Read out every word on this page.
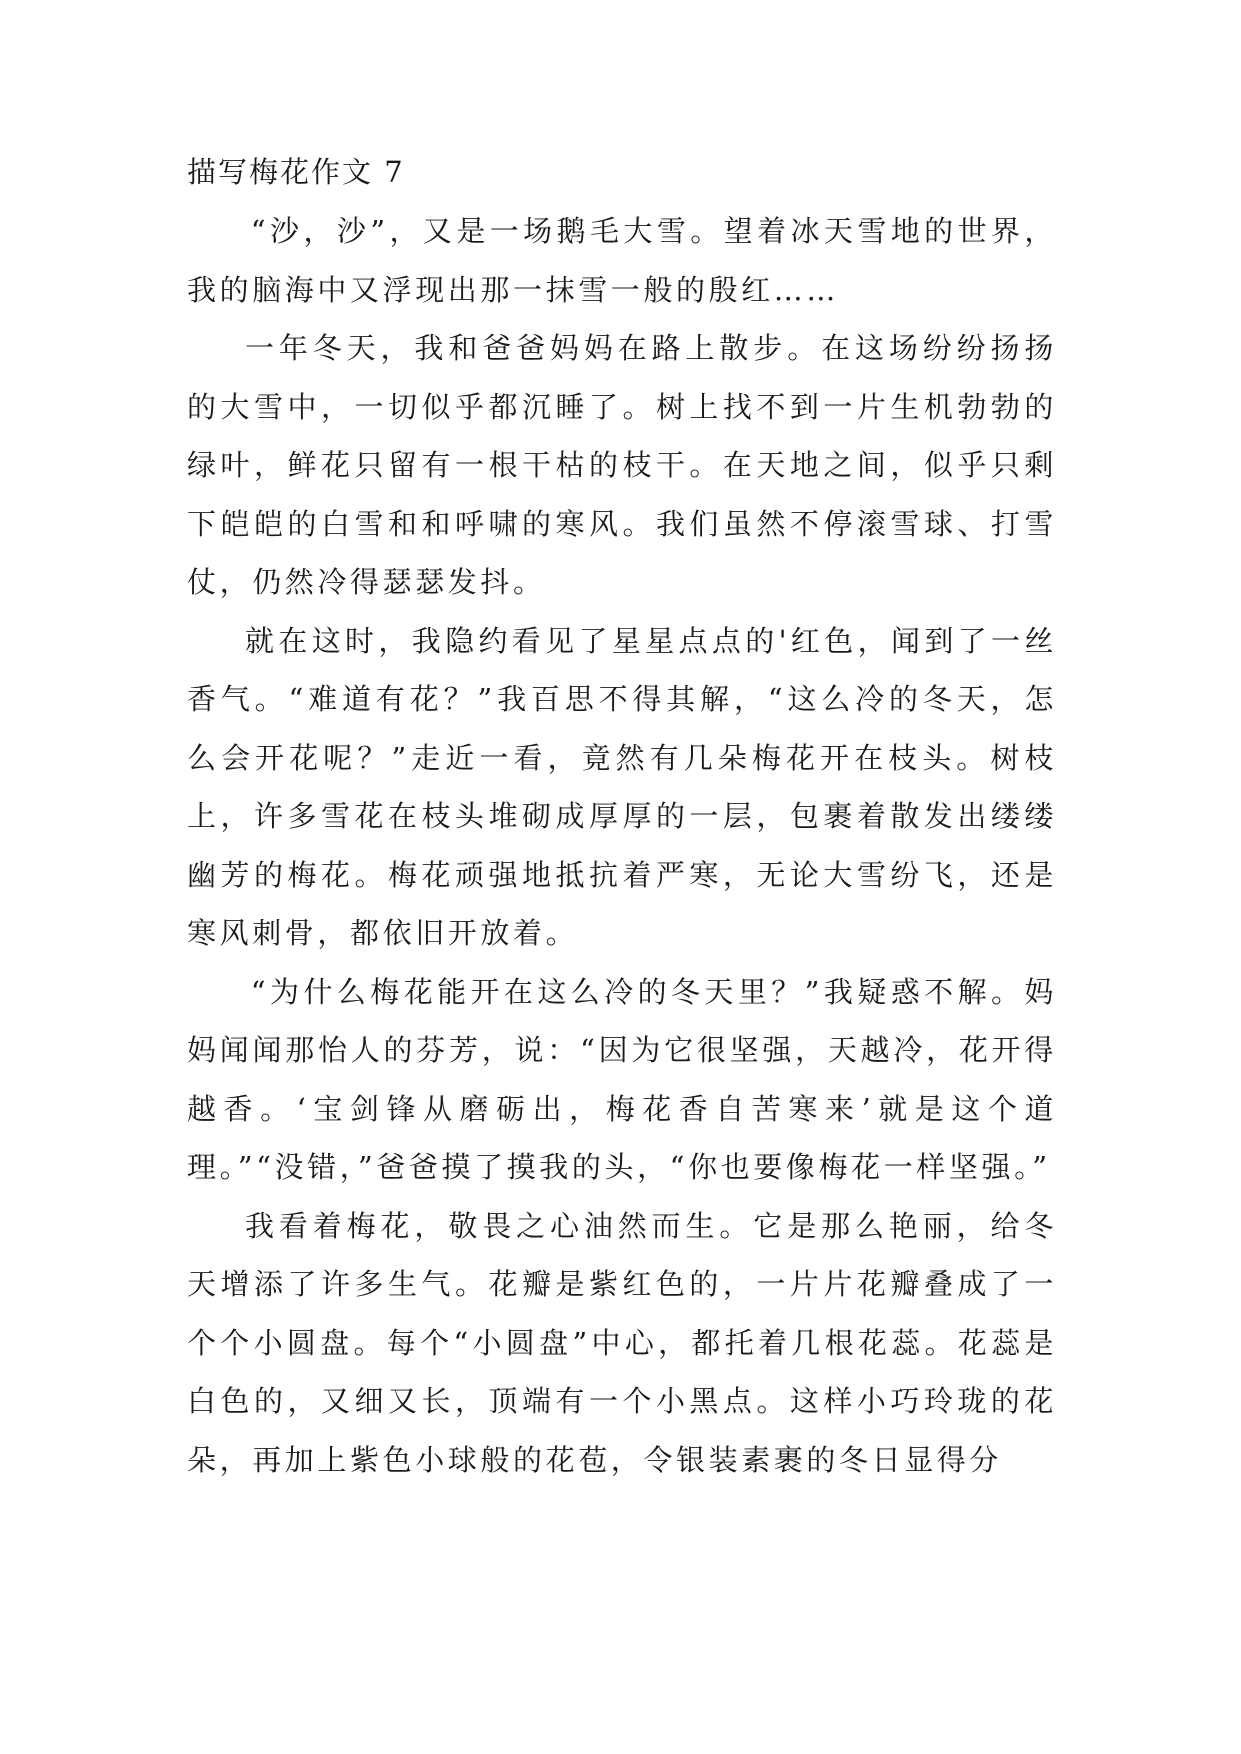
描写梅花作文 7

“沙，沙”，又是一场鹅毛大雪。望着冰天雪地的世界，我的脑海中又浮现出那一抹雪一般的殷红……

一年冬天，我和爸爸妈妈在路上散步。在这场纷纷扬扬的大雪中，一切似乎都沉睡了。树上找不到一片生机勃勃的绿叶，鲜花只留有一根干枯的枝干。在天地之间，似乎只剩下皑皑的白雪和和呼啸的寒风。我们虽然不停滚雪球、打雪仗，仍然冷得瑟瑟发抖。

就在这时，我隐约看见了星星点点的'红色，闻到了一丝香气。“难道有花？”我百思不得其解，“这么冷的冬天，怎么会开花呢？”走近一看，竟然有几朵梅花开在枝头。树枝上，许多雪花在枝头堆砌成厚厚的一层，包裹着散发出缕缕幽芳的梅花。梅花顽强地抵抗着严寒，无论大雪纷飞，还是寒风刺骨，都依旧开放着。

“为什么梅花能开在这么冷的冬天里？”我疑惑不解。妈妈闻闻那怡人的芬芳，说：“因为它很坚强，天越冷，花开得越香。‘宝剑锋从磨砺出，梅花香自苦寒来’就是这个道理。”“没错，”爸爸摸了摸我的头，“你也要像梅花一样坚强。”

我看着梅花，敬畏之心油然而生。它是那么艳丽，给冬天增添了许多生气。花瓣是紫红色的，一片片花瓣叠成了一个个小圆盘。每个“小圆盘”中心，都托着几根花蕊。花蕊是白色的，又细又长，顶端有一个小黑点。这样小巧玲珑的花朵，再加上紫色小球般的花苞，令银装素裹的冬日显得分
